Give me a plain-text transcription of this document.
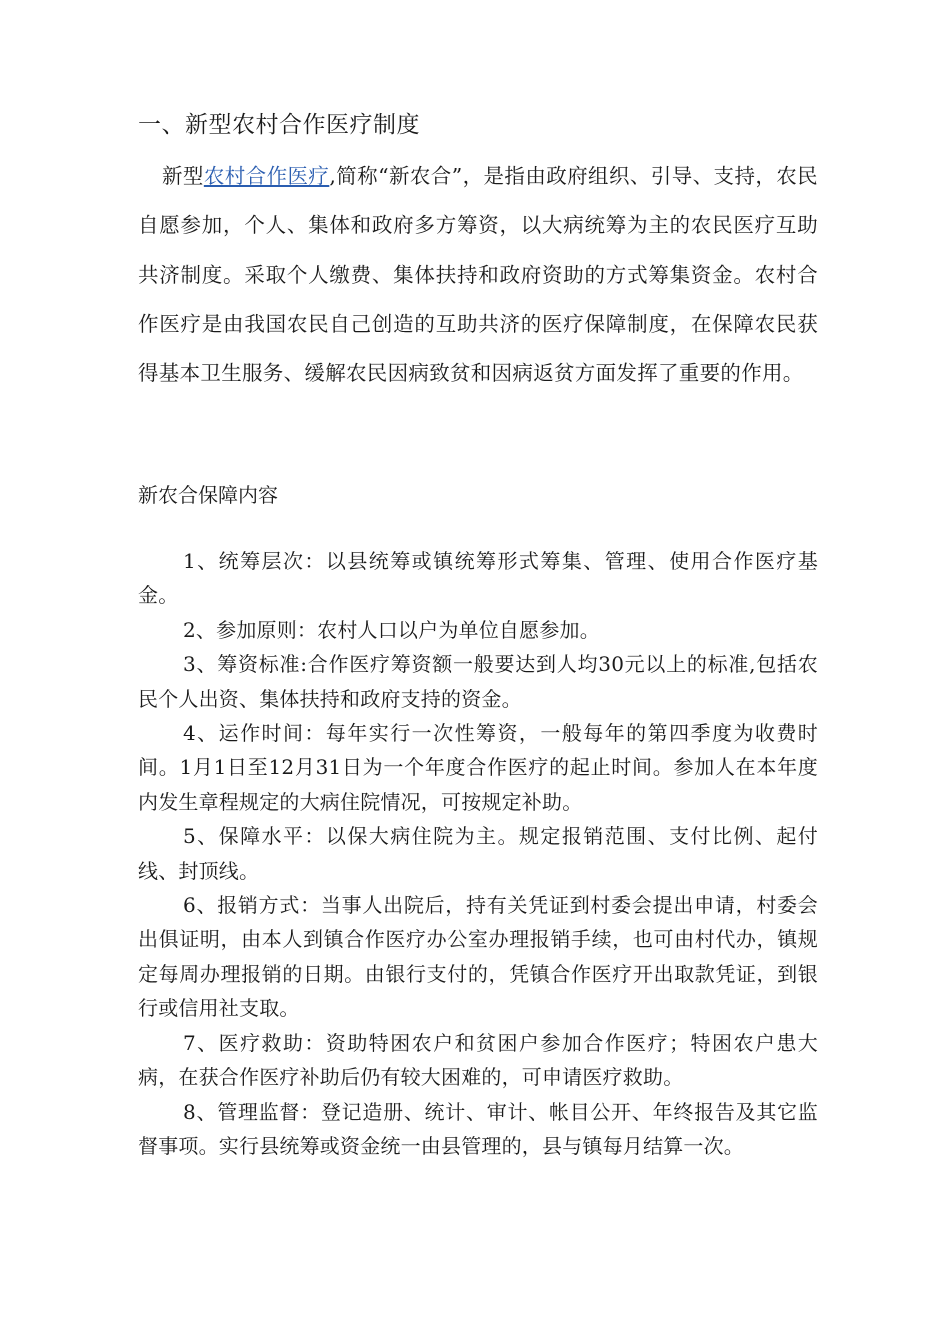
一、新型农村合作医疗制度

新型农村合作医疗,简称“新农合”，是指由政府组织、引导、支持，农民自愿参加，个人、集体和政府多方筹资，以大病统筹为主的农民医疗互助共济制度。采取个人缴费、集体扶持和政府资助的方式筹集资金。农村合作医疗是由我国农民自己创造的互助共济的医疗保障制度，在保障农民获得基本卫生服务、缓解农民因病致贫和因病返贫方面发挥了重要的作用。

新农合保障内容

1、统筹层次：以县统筹或镇统筹形式筹集、管理、使用合作医疗基金。

2、参加原则：农村人口以户为单位自愿参加。

3、筹资标准:合作医疗筹资额一般要达到人均30元以上的标准,包括农民个人出资、集体扶持和政府支持的资金。

4、运作时间：每年实行一次性筹资，一般每年的第四季度为收费时间。1月1日至12月31日为一个年度合作医疗的起止时间。参加人在本年度内发生章程规定的大病住院情况，可按规定补助。

5、保障水平：以保大病住院为主。规定报销范围、支付比例、起付线、封顶线。

6、报销方式：当事人出院后，持有关凭证到村委会提出申请，村委会出俱证明，由本人到镇合作医疗办公室办理报销手续，也可由村代办，镇规定每周办理报销的日期。由银行支付的，凭镇合作医疗开出取款凭证，到银行或信用社支取。

7、医疗救助：资助特困农户和贫困户参加合作医疗；特困农户患大病，在获合作医疗补助后仍有较大困难的，可申请医疗救助。

8、管理监督：登记造册、统计、审计、帐目公开、年终报告及其它监督事项。实行县统筹或资金统一由县管理的，县与镇每月结算一次。
